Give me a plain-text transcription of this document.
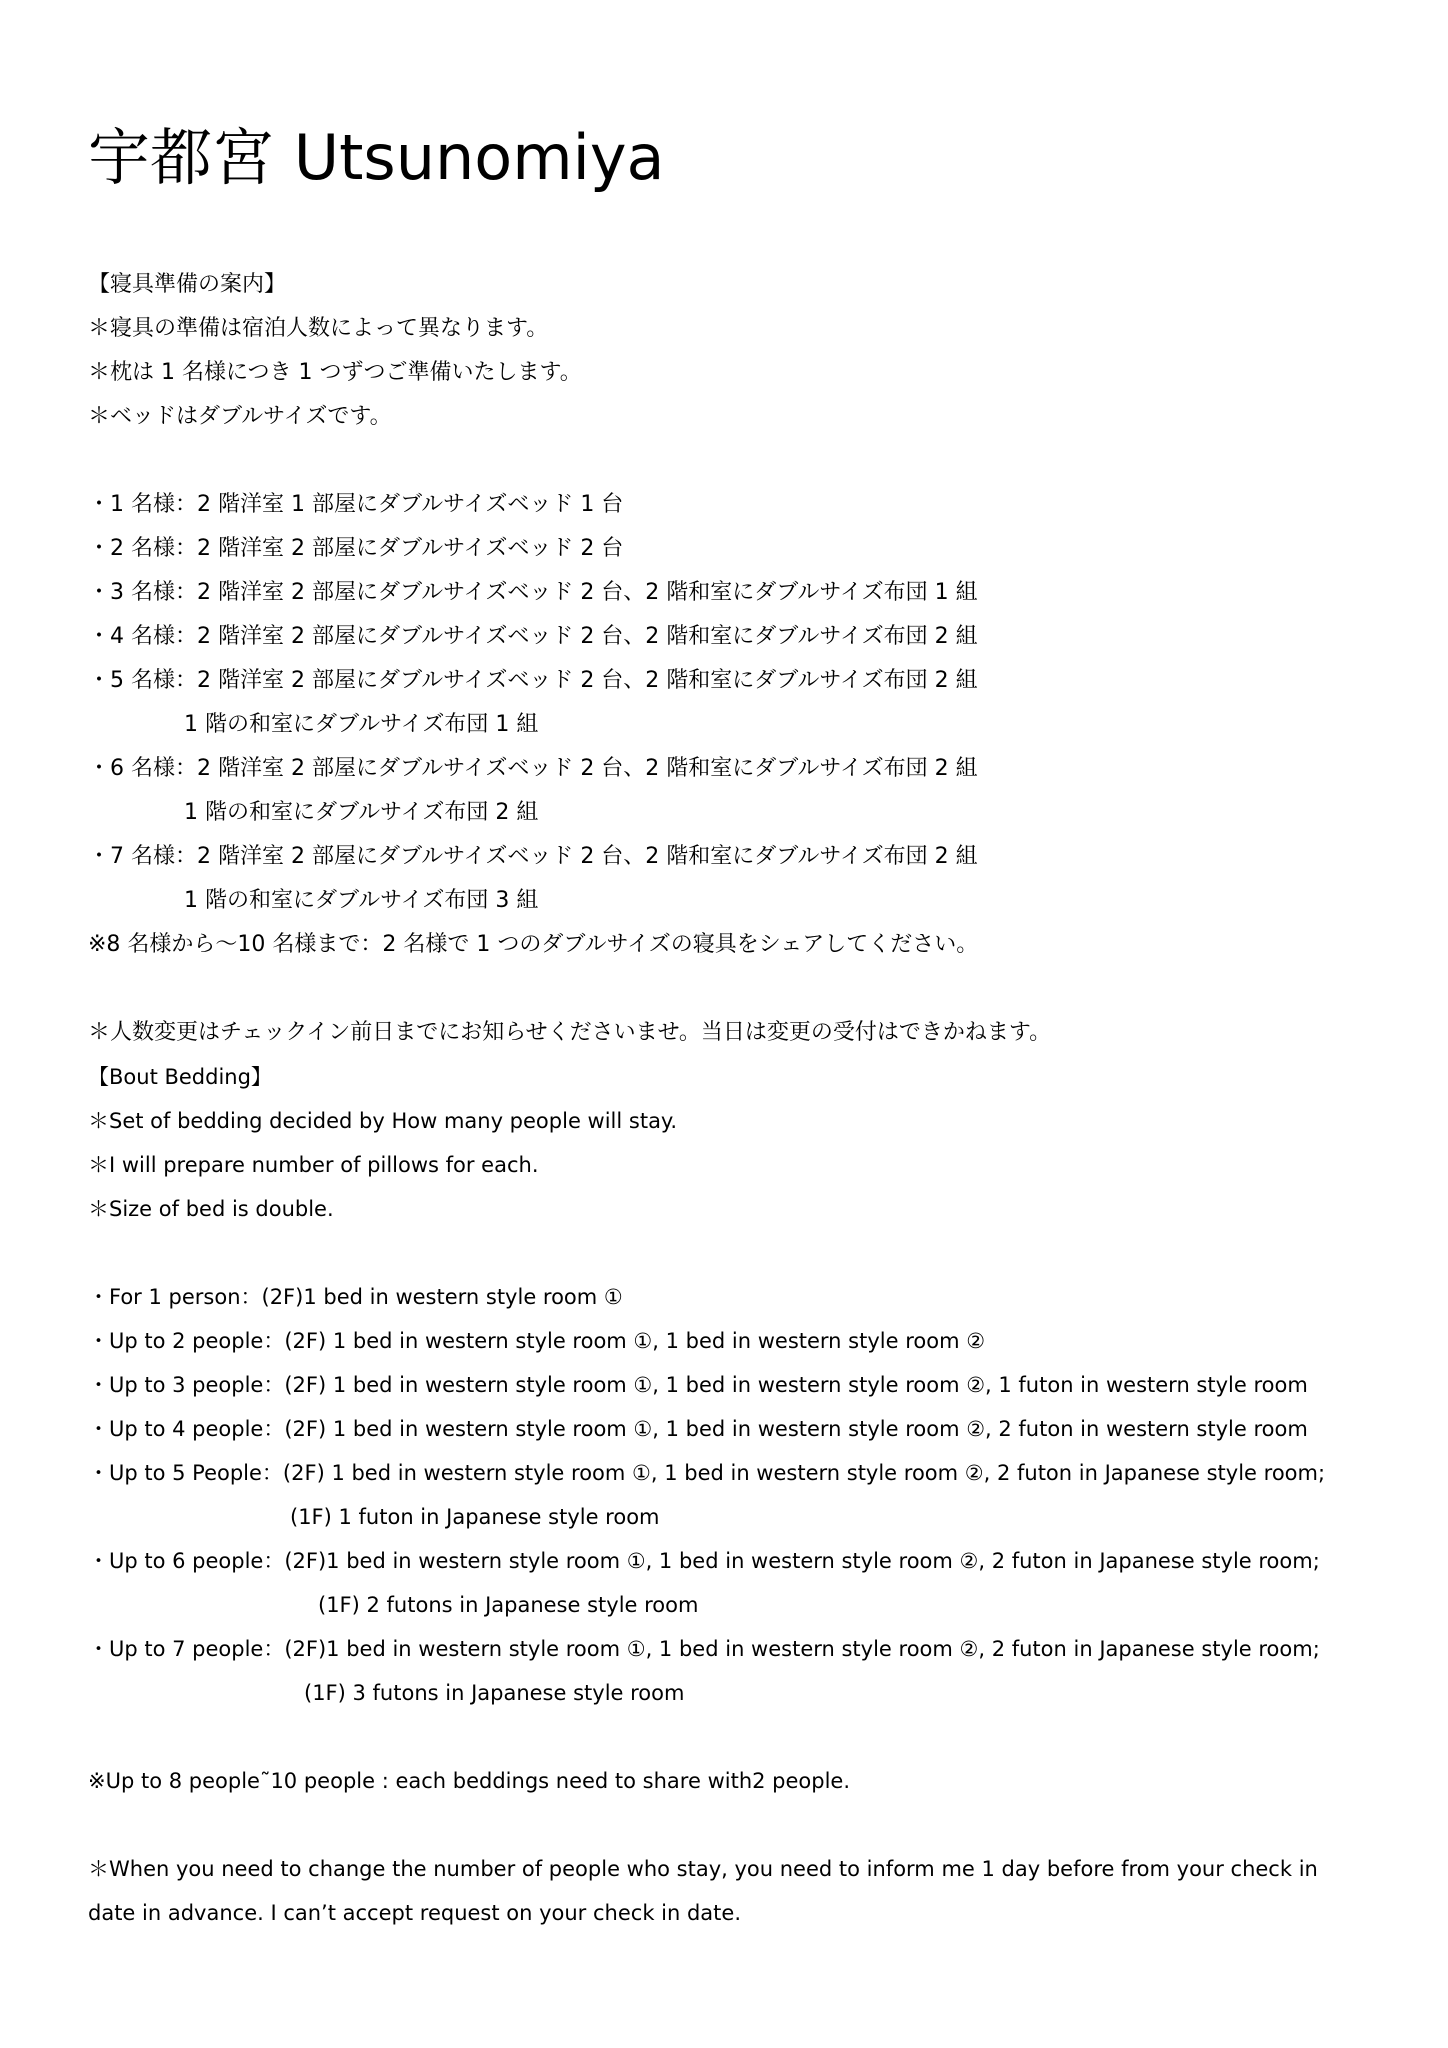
宇都宮 Utsunomiya
【寝具準備の案内】
＊寝具の準備は宿泊人数によって異なります。
＊枕は 1 名様につき 1 つずつご準備いたします。
＊ベッドはダブルサイズです。
・1 名様：2 階洋室 1 部屋にダブルサイズベッド 1 台
・2 名様：2 階洋室 2 部屋にダブルサイズベッド 2 台
・3 名様：2 階洋室 2 部屋にダブルサイズベッド 2 台、2 階和室にダブルサイズ布団 1 組
・4 名様：2 階洋室 2 部屋にダブルサイズベッド 2 台、2 階和室にダブルサイズ布団 2 組
・5 名様：2 階洋室 2 部屋にダブルサイズベッド 2 台、2 階和室にダブルサイズ布団 2 組
1 階の和室にダブルサイズ布団 1 組
・6 名様：2 階洋室 2 部屋にダブルサイズベッド 2 台、2 階和室にダブルサイズ布団 2 組
1 階の和室にダブルサイズ布団 2 組
・7 名様：2 階洋室 2 部屋にダブルサイズベッド 2 台、2 階和室にダブルサイズ布団 2 組
1 階の和室にダブルサイズ布団 3 組
※8 名様から～10 名様まで：2 名様で 1 つのダブルサイズの寝具をシェアしてください。
＊人数変更はチェックイン前日までにお知らせくださいませ。当日は変更の受付はできかねます。
【Bout Bedding】
＊Set of bedding decided by How many people will stay.
＊I will prepare number of pillows for each.
＊Size of bed is double.
・For 1 person：(2F)1 bed in western style room ①
・Up to 2 people：(2F) 1 bed in western style room ①, 1 bed in western style room ②
・Up to 3 people：(2F) 1 bed in western style room ①, 1 bed in western style room ②, 1 futon in western style room
・Up to 4 people：(2F) 1 bed in western style room ①, 1 bed in western style room ②, 2 futon in western style room
・Up to 5 People：(2F) 1 bed in western style room ①, 1 bed in western style room ②, 2 futon in Japanese style room;
(1F) 1 futon in Japanese style room
・Up to 6 people：(2F)1 bed in western style room ①, 1 bed in western style room ②, 2 futon in Japanese style room;
(1F) 2 futons in Japanese style room
・Up to 7 people：(2F)1 bed in western style room ①, 1 bed in western style room ②, 2 futon in Japanese style room;
(1F) 3 futons in Japanese style room
※Up to 8 people˜10 people : each beddings need to share with2 people.
＊When you need to change the number of people who stay, you need to inform me 1 day before from your check in
date in advance. I can’t accept request on your check in date.
